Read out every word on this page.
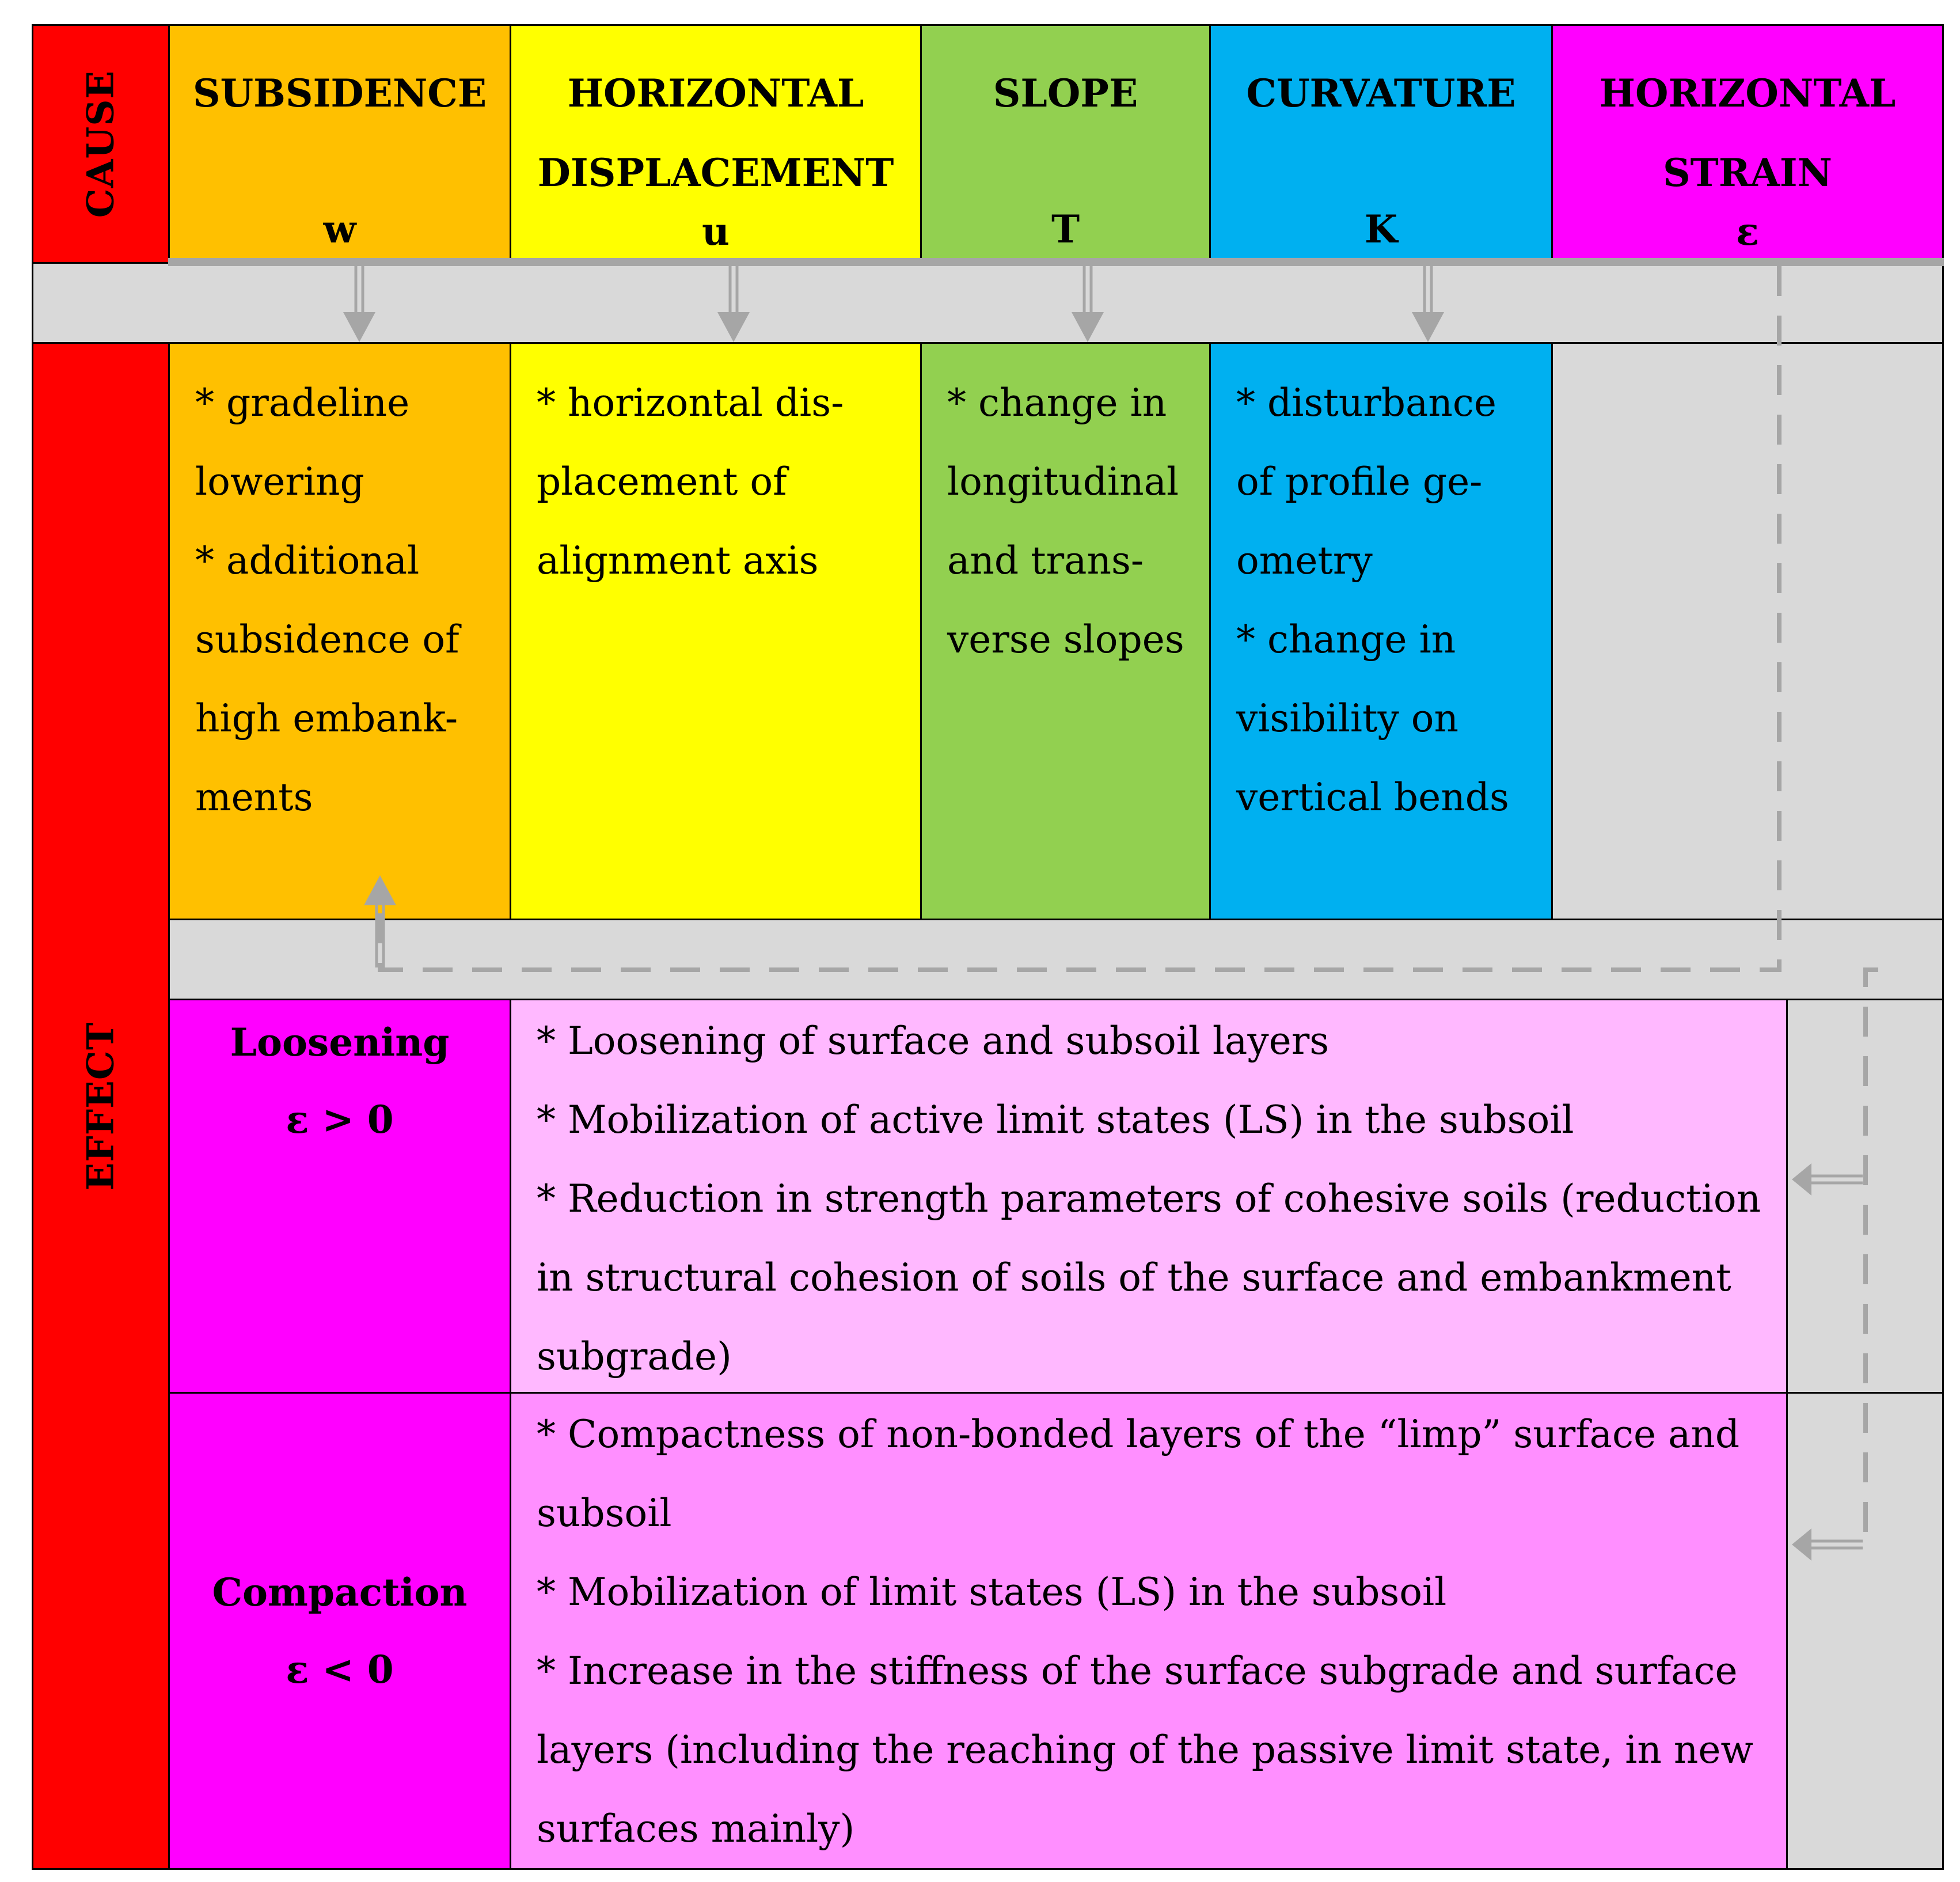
CAUSE SUBSIDENCE
w
HORIZONTAL DISPLACEMENT
u
SLOPE
T
CURVATURE
K
HORIZONTAL STRAIN
ε
EFFECT

* gradeline lowering

* additional subsidence of high embank-ments

* horizontal dis-placement of alignment axis

* change in longitudinal and trans-verse slopes

* disturbance of profile ge-ometry

* change in visibility on vertical bends

Loosening
ε > 0

* Loosening of surface and subsoil layers

* Mobilization of active limit states (LS) in the subsoil

* Reduction in strength parameters of cohesive soils (reduction in structural cohesion of soils of the surface and embankment subgrade)

Compaction
ε < 0

* Compactness of non-bonded layers of the “limp” surface and subsoil

* Mobilization of limit states (LS) in the subsoil

* Increase in the stiffness of the surface subgrade and surface layers (including the reaching of the passive limit state, in new surfaces mainly)
